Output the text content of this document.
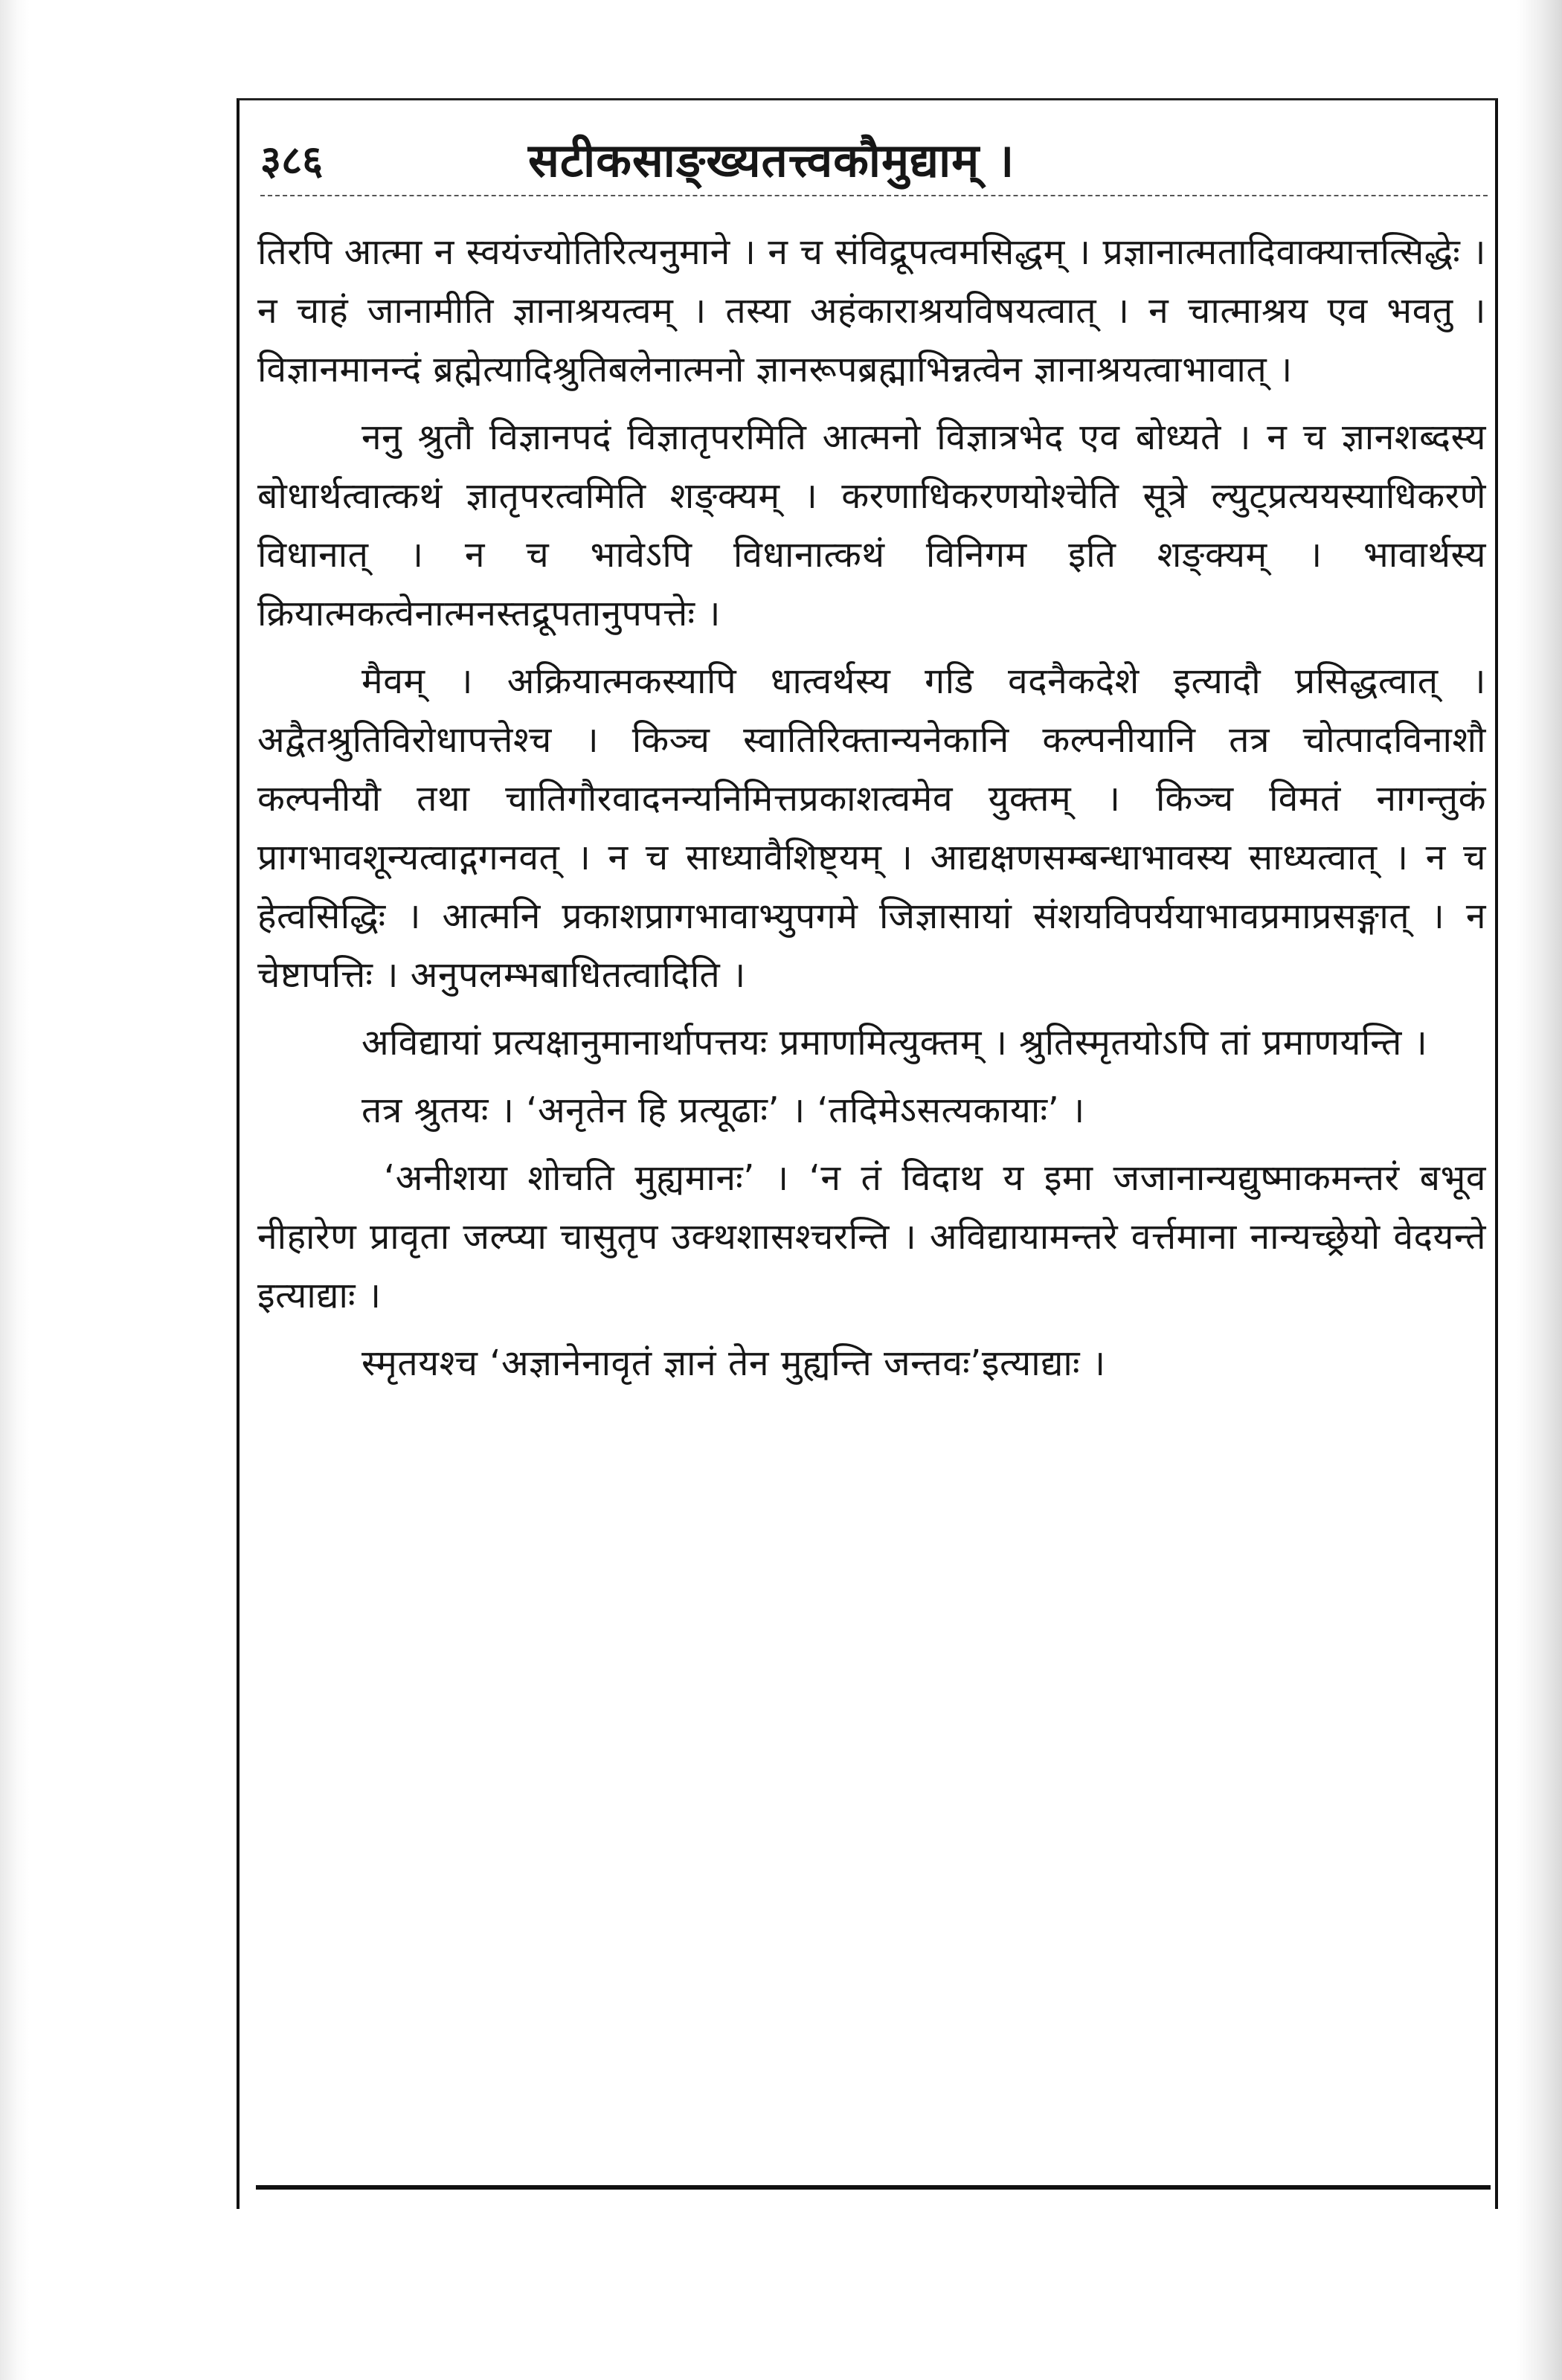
३८६	सटीकसाङ्ख्यतत्त्वकौमुद्याम् ।

तिरपि आत्मा न स्वयंज्योतिरित्यनुमाने । न च संविद्रूपत्वमसिद्धम् । प्रज्ञानात्मतादिवाक्यात्तत्सिद्धेः । न चाहं जानामीति ज्ञानाश्रयत्वम् । तस्या अहंकाराश्रयविषयत्वात् । न चात्माश्रय एव भवतु । विज्ञानमानन्दं ब्रह्मेत्यादिश्रुतिबलेनात्मनो ज्ञानरूपब्रह्माभिन्नत्वेन ज्ञानाश्रयत्वाभावात् ।

ननु श्रुतौ विज्ञानपदं विज्ञातृपरमिति आत्मनो विज्ञात्रभेद एव बोध्यते । न च ज्ञानशब्दस्य बोधार्थत्वात्कथं ज्ञातृपरत्वमिति शङ्क्यम् । करणाधिकरणयोश्चेति सूत्रे ल्युट्प्रत्ययस्याधिकरणे विधानात् । न च भावेऽपि विधानात्कथं विनिगम इति शङ्क्यम् । भावार्थस्य क्रियात्मकत्वेनात्मनस्तद्रूपतानुपपत्तेः ।

मैवम् । अक्रियात्मकस्यापि धात्वर्थस्य गडि वदनैकदेशे इत्यादौ प्रसिद्धत्वात् । अद्वैतश्रुतिविरोधापत्तेश्च । किञ्च स्वातिरिक्तान्यनेकानि कल्पनीयानि तत्र चोत्पादविनाशौ कल्पनीयौ तथा चातिगौरवादनन्यनिमित्तप्रकाशत्वमेव युक्तम् । किञ्च विमतं नागन्तुकं प्रागभावशून्यत्वाद्गगनवत् । न च साध्यावैशिष्ट्यम् । आद्यक्षणसम्बन्धाभावस्य साध्यत्वात् । न च हेत्वसिद्धिः । आत्मनि प्रकाशप्रागभावाभ्युपगमे जिज्ञासायां संशयविपर्ययाभावप्रमाप्रसङ्गात् । न चेष्टापत्तिः । अनुपलम्भबाधितत्वादिति ।

अविद्यायां प्रत्यक्षानुमानार्थापत्तयः प्रमाणमित्युक्तम् । श्रुतिस्मृतयोऽपि तां प्रमाणयन्ति ।

तत्र श्रुतयः । ‘अनृतेन हि प्रत्यूढाः’ । ‘तदिमेऽसत्यकायाः’ ।

‘अनीशया शोचति मुह्यमानः’ । ‘न तं विदाथ य इमा जजानान्यद्युष्माकमन्तरं बभूव नीहारेण प्रावृता जल्प्या चासुतृप उक्थशासश्चरन्ति । अविद्यायामन्तरे वर्त्तमाना नान्यच्छ्रेयो वेदयन्ते इत्याद्याः ।

स्मृतयश्च ‘अज्ञानेनावृतं ज्ञानं तेन मुह्यन्ति जन्तवः’इत्याद्याः ।
